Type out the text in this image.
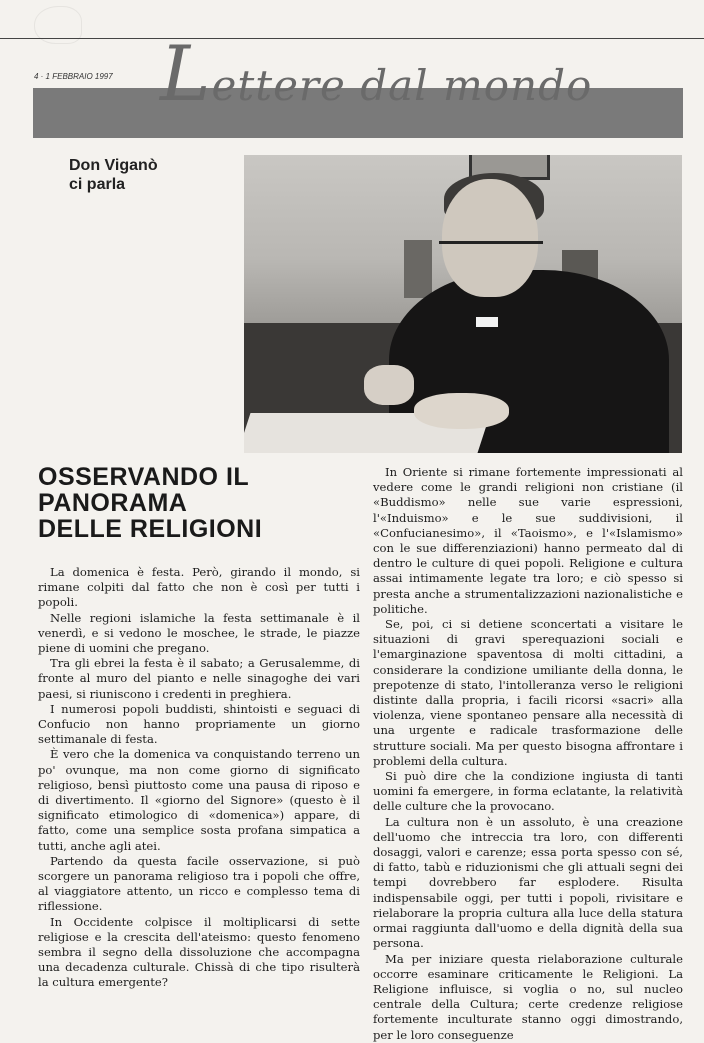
4 · 1 FEBBRAIO 1997 Lettere dal mondo
Don Viganò
ci parla
OSSERVANDO IL
PANORAMA
DELLE RELIGIONI

La domenica è festa. Però, girando il mondo, si rimane colpiti dal fatto che non è così per tutti i popoli.

Nelle regioni islamiche la festa settimanale è il venerdì, e si vedono le moschee, le strade, le piazze piene di uomini che pregano.

Tra gli ebrei la festa è il sabato; a Gerusalemme, di fronte al muro del pianto e nelle sinagoghe dei vari paesi, si riuniscono i credenti in preghiera.

I numerosi popoli buddisti, shintoisti e seguaci di Confucio non hanno propriamente un giorno settimanale di festa.

È vero che la domenica va conquistando terreno un po' ovunque, ma non come giorno di significato religioso, bensì piuttosto come una pausa di riposo e di divertimento. Il «giorno del Signore» (questo è il significato etimologico di «domenica») appare, di fatto, come una semplice sosta profana simpatica a tutti, anche agli atei.

Partendo da questa facile osservazione, si può scorgere un panorama religioso tra i popoli che offre, al viaggiatore attento, un ricco e complesso tema di riflessione.

In Occidente colpisce il moltiplicarsi di sette religiose e la crescita dell'ateismo: questo fenomeno sembra il segno della dissoluzione che accompagna una decadenza culturale. Chissà di che tipo risulterà la cultura emergente?

In Oriente si rimane fortemente impressionati al vedere come le grandi religioni non cristiane (il «Buddismo» nelle sue varie espressioni, l'«Induismo» e le sue suddivisioni, il «Confucianesimo», il «Taoismo», e l'«Islamismo» con le sue differenziazioni) hanno permeato dal di dentro le culture di quei popoli. Religione e cultura assai intimamente legate tra loro; e ciò spesso si presta anche a strumentalizzazioni nazionalistiche e politiche.

Se, poi, ci si detiene sconcertati a visitare le situazioni di gravi sperequazioni sociali e l'emarginazione spaventosa di molti cittadini, a considerare la condizione umiliante della donna, le prepotenze di stato, l'intolleranza verso le religioni distinte dalla propria, i facili ricorsi «sacri» alla violenza, viene spontaneo pensare alla necessità di una urgente e radicale trasformazione delle strutture sociali. Ma per questo bisogna affrontare i problemi della cultura.

Si può dire che la condizione ingiusta di tanti uomini fa emergere, in forma eclatante, la relatività delle culture che la provocano.

La cultura non è un assoluto, è una creazione dell'uomo che intreccia tra loro, con differenti dosaggi, valori e carenze; essa porta spesso con sé, di fatto, tabù e riduzionismi che gli attuali segni dei tempi dovrebbero far esplodere. Risulta indispensabile oggi, per tutti i popoli, rivisitare e rielaborare la propria cultura alla luce della statura ormai raggiunta dall'uomo e della dignità della sua persona.

Ma per iniziare questa rielaborazione culturale occorre esaminare criticamente le Religioni. La Religione influisce, si voglia o no, sul nucleo centrale della Cultura; certe credenze religiose fortemente inculturate stanno oggi dimostrando, per le loro conseguenze
